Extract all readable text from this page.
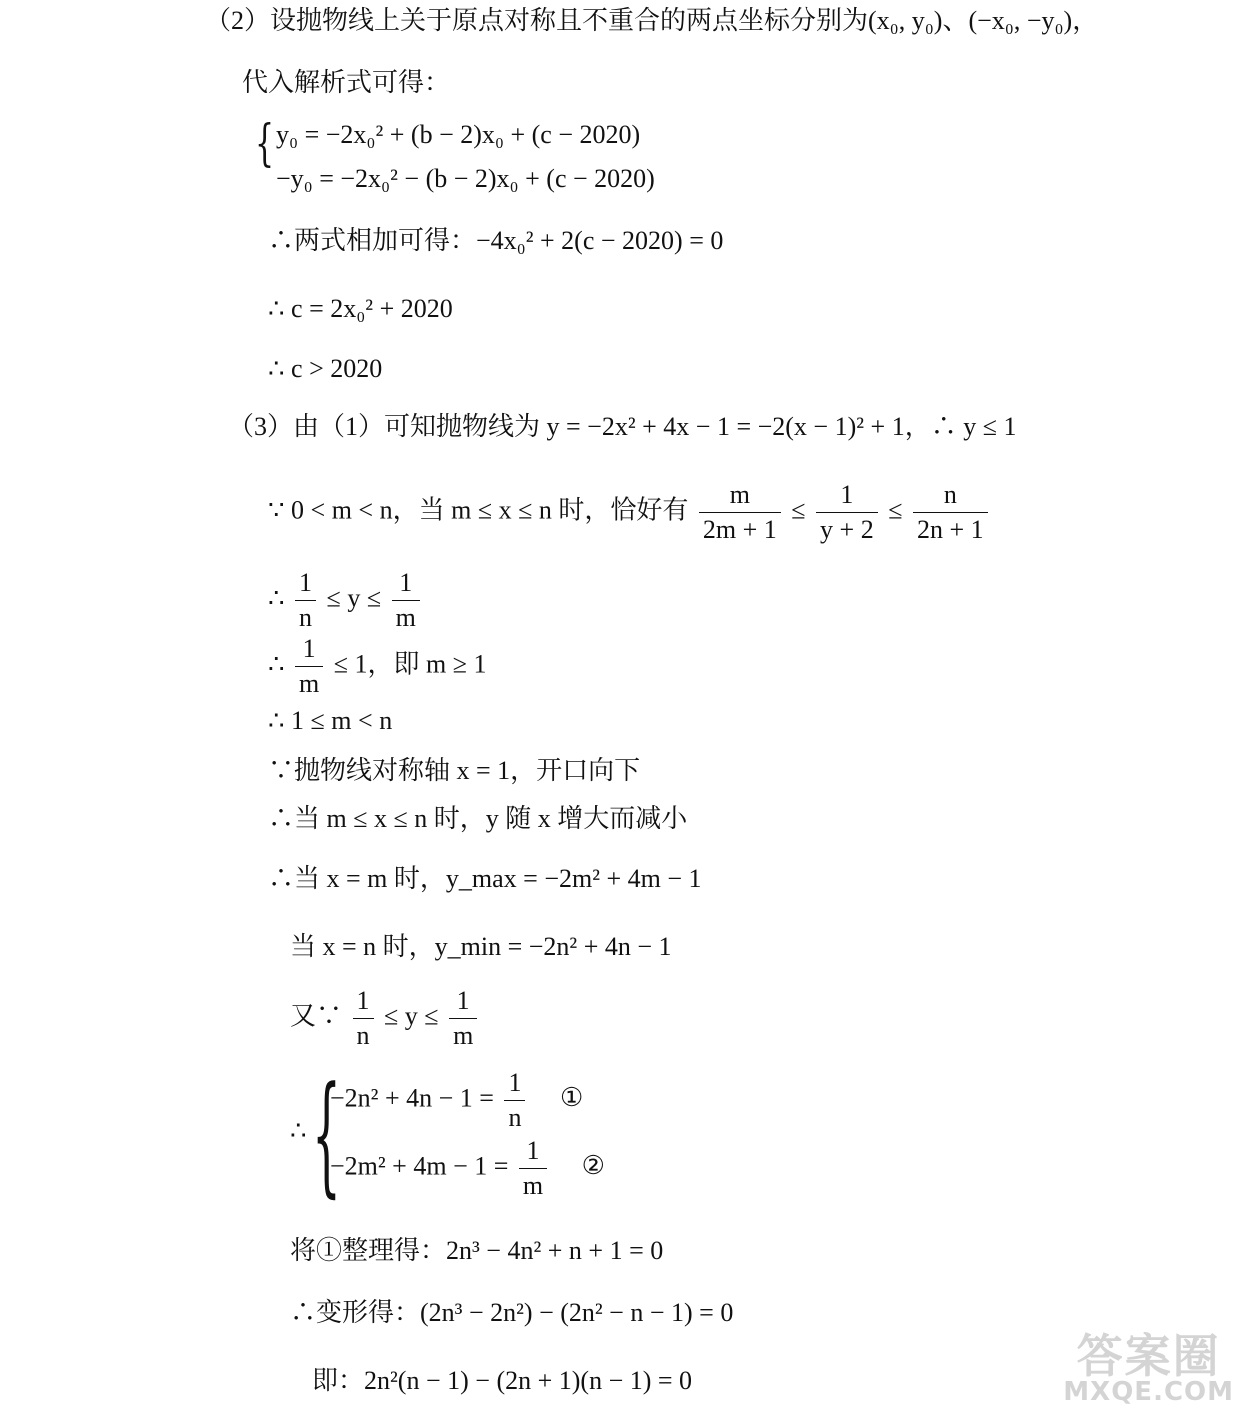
（2）设抛物线上关于原点对称且不重合的两点坐标分别为(x₀, y₀)、(−x₀, −y₀)，
代入解析式可得：
{ y₀ = −2x₀² + (b − 2)x₀ + (c − 2020)
−y₀ = −2x₀² − (b − 2)x₀ + (c − 2020)
∴两式相加可得：−4x₀² + 2(c − 2020) = 0
∴ c = 2x₀² + 2020
∴ c > 2020
（3）由（1）可知抛物线为 y = −2x² + 4x − 1 = −2(x − 1)² + 1，∴ y ≤ 1
∵ 0 < m < n，当 m ≤ x ≤ n 时，恰好有 $\frac{m}{2m + 1} \le \frac{1}{y + 2} \le \frac{n}{2n + 1}$
∴ $\frac{1}{n} \le y \le \frac{1}{m}$
∴ $\frac{1}{m} \le 1$，即 m ≥ 1
∴ 1 ≤ m < n
∵抛物线对称轴 x = 1，开口向下
∴当 m ≤ x ≤ n 时，y 随 x 增大而减小
∴当 x = m 时，y_max = −2m² + 4m − 1
当 x = n 时，y_min = −2n² + 4n − 1
又∵ $\frac{1}{n} \le y \le \frac{1}{m}$
∴ {
$-2n^2 + 4n - 1 = \frac{1}{n}$ ①
$-2m^2 + 4m - 1 = \frac{1}{m}$ ②
将①整理得：2n³ − 4n² + n + 1 = 0
∴变形得：(2n³ − 2n²) − (2n² − n − 1) = 0
即：2n²(n − 1) − (2n + 1)(n − 1) = 0	答案圈
MXQE.COM
